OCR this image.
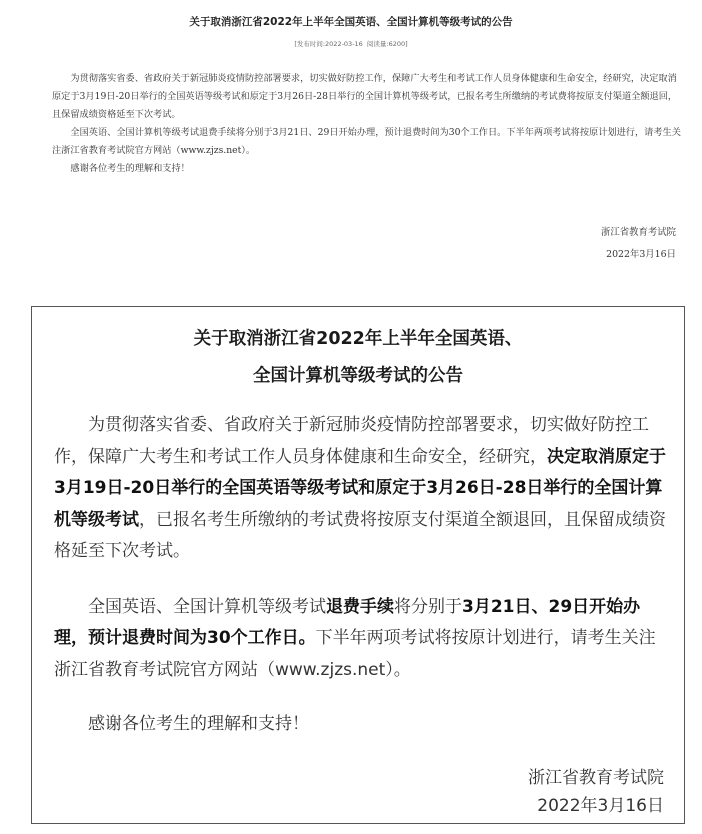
关于取消浙江省2022年上半年全国英语、全国计算机等级考试的公告
[发布时间:2022-03-16 阅读量:6200]

为贯彻落实省委、省政府关于新冠肺炎疫情防控部署要求，切实做好防控工作，保障广大考生和考试工作人员身体健康和生命安全，经研究，决定取消原定于3月19日-20日举行的全国英语等级考试和原定于3月26日-28日举行的全国计算机等级考试，已报名考生所缴纳的考试费将按原支付渠道全额退回，且保留成绩资格延至下次考试。

全国英语、全国计算机等级考试退费手续将分别于3月21日、29日开始办理，预计退费时间为30个工作日。下半年两项考试将按原计划进行，请考生关注浙江省教育考试院官方网站（www.zjzs.net）。

感谢各位考生的理解和支持！

浙江省教育考试院
2022年3月16日
关于取消浙江省2022年上半年全国英语、
全国计算机等级考试的公告

为贯彻落实省委、省政府关于新冠肺炎疫情防控部署要求，切实做好防控工作，保障广大考生和考试工作人员身体健康和生命安全，经研究，决定取消原定于3月19日-20日举行的全国英语等级考试和原定于3月26日-28日举行的全国计算机等级考试，已报名考生所缴纳的考试费将按原支付渠道全额退回，且保留成绩资格延至下次考试。

全国英语、全国计算机等级考试退费手续将分别于3月21日、29日开始办理，预计退费时间为30个工作日。下半年两项考试将按原计划进行，请考生关注浙江省教育考试院官方网站（www.zjzs.net）。

感谢各位考生的理解和支持！

浙江省教育考试院
2022年3月16日
